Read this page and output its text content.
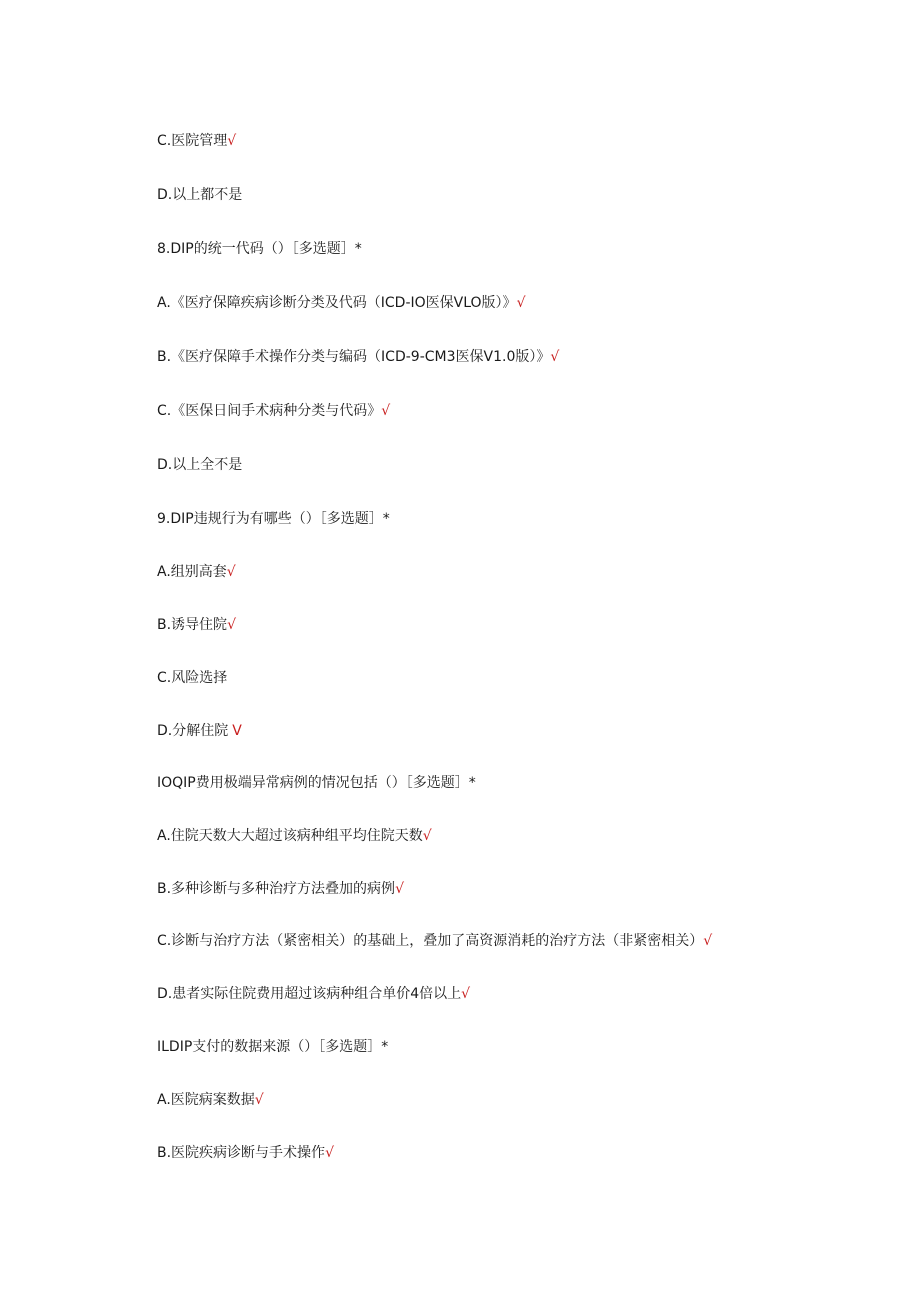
C.医院管理√
D.以上都不是
8.DIP的统一代码（）［多选题］*
A.《医疗保障疾病诊断分类及代码（ICD-IO医保VLO版）》√
B.《医疗保障手术操作分类与编码（ICD-9-CM3医保V1.0版）》√
C.《医保日间手术病种分类与代码》√
D.以上全不是
9.DIP违规行为有哪些（）［多选题］*
A.组别高套√
B.诱导住院√
C.风险选择
D.分解住院 V
IOQIP费用极端异常病例的情况包括（）［多选题］*
A.住院天数大大超过该病种组平均住院天数√
B.多种诊断与多种治疗方法叠加的病例√
C.诊断与治疗方法（紧密相关）的基础上，叠加了高资源消耗的治疗方法（非紧密相关）√
D.患者实际住院费用超过该病种组合单价4倍以上√
ILDIP支付的数据来源（）［多选题］*
A.医院病案数据√
B.医院疾病诊断与手术操作√
